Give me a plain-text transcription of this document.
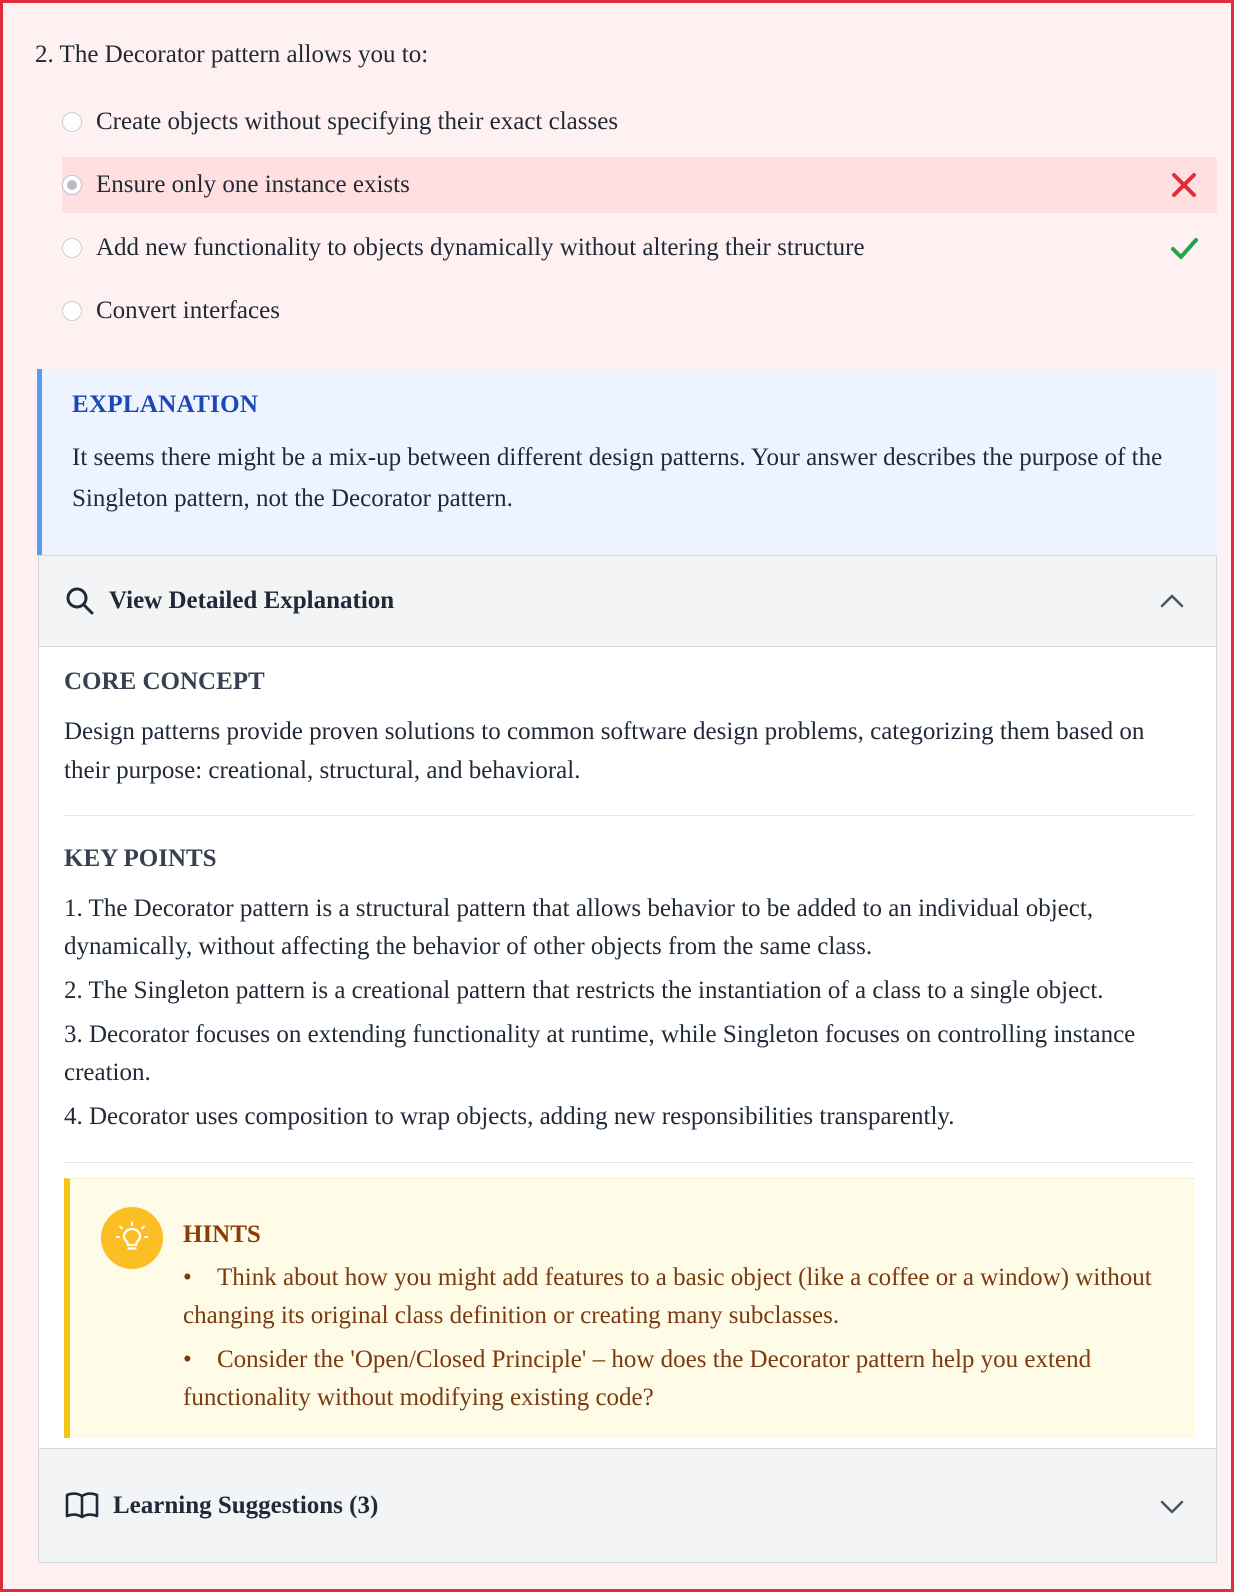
2. The Decorator pattern allows you to:
Create objects without specifying their exact classes
Ensure only one instance exists
Add new functionality to objects dynamically without altering their structure
Convert interfaces
EXPLANATION
It seems there might be a mix-up between different design patterns. Your answer describes the purpose of the Singleton pattern, not the Decorator pattern.
View Detailed Explanation
CORE CONCEPT
Design patterns provide proven solutions to common software design problems, categorizing them based on their purpose: creational, structural, and behavioral.
KEY POINTS
1. The Decorator pattern is a structural pattern that allows behavior to be added to an individual object, dynamically, without affecting the behavior of other objects from the same class.
2. The Singleton pattern is a creational pattern that restricts the instantiation of a class to a single object.
3. Decorator focuses on extending functionality at runtime, while Singleton focuses on controlling instance creation.
4. Decorator uses composition to wrap objects, adding new responsibilities transparently.
HINTS
• Think about how you might add features to a basic object (like a coffee or a window) without changing its original class definition or creating many subclasses.
• Consider the 'Open/Closed Principle' – how does the Decorator pattern help you extend functionality without modifying existing code?
Learning Suggestions (3)
